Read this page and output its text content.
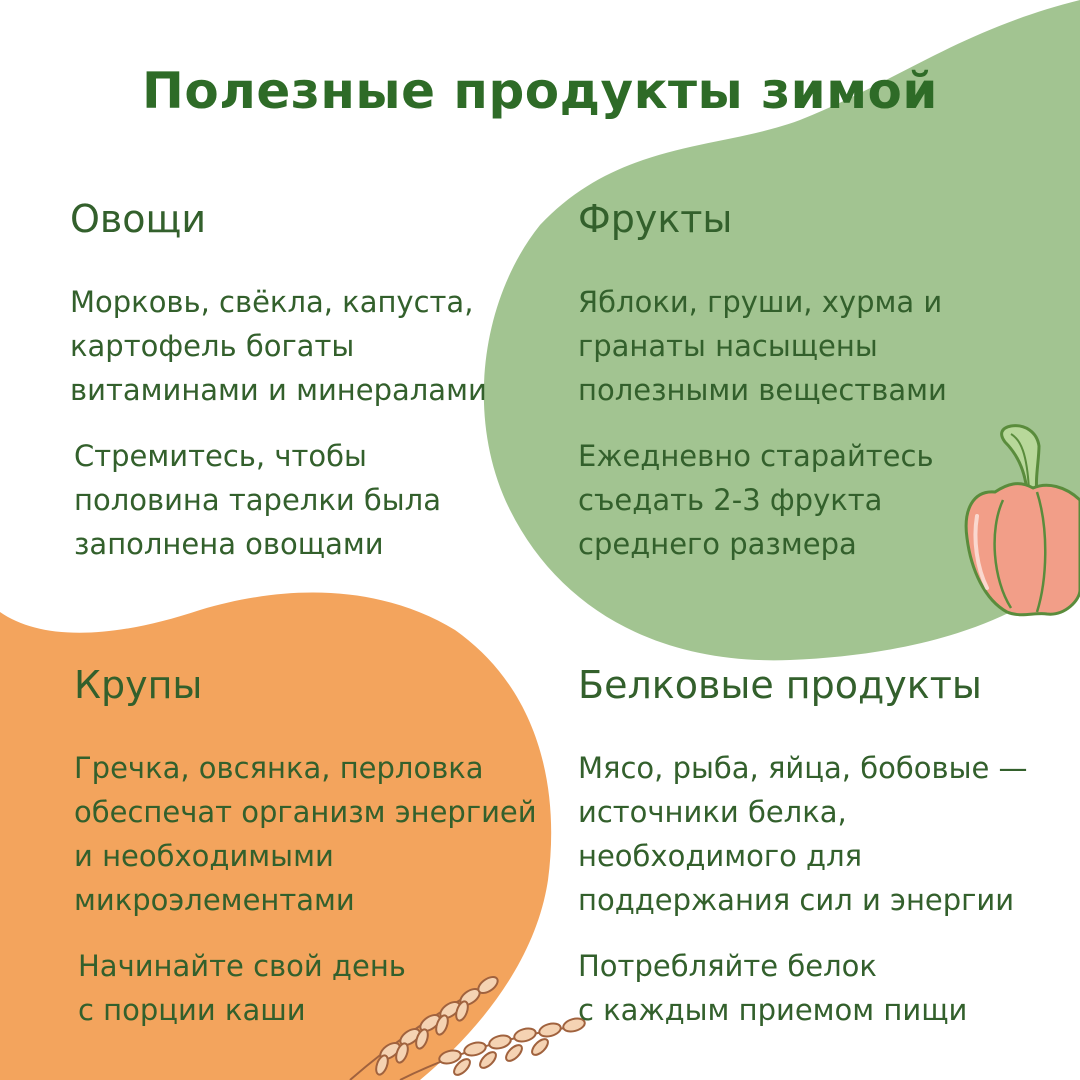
Полезные продукты зимой
Овощи

Морковь, свёкла, капуста,
картофель богаты
витаминами и минералами

Стремитесь, чтобы
половина тарелки была
заполнена овощами

Фрукты

Яблоки, груши, хурма и
гранаты насыщены
полезными веществами

Ежедневно старайтесь
съедать 2-3 фрукта
среднего размера

Крупы

Гречка, овсянка, перловка
обеспечат организм энергией
и необходимыми
микроэлементами

Начинайте свой день
с порции каши

Белковые продукты

Мясо, рыба, яйца, бобовые —
источники белка,
необходимого для
поддержания сил и энергии

Потребляйте белок
с каждым приемом пищи
